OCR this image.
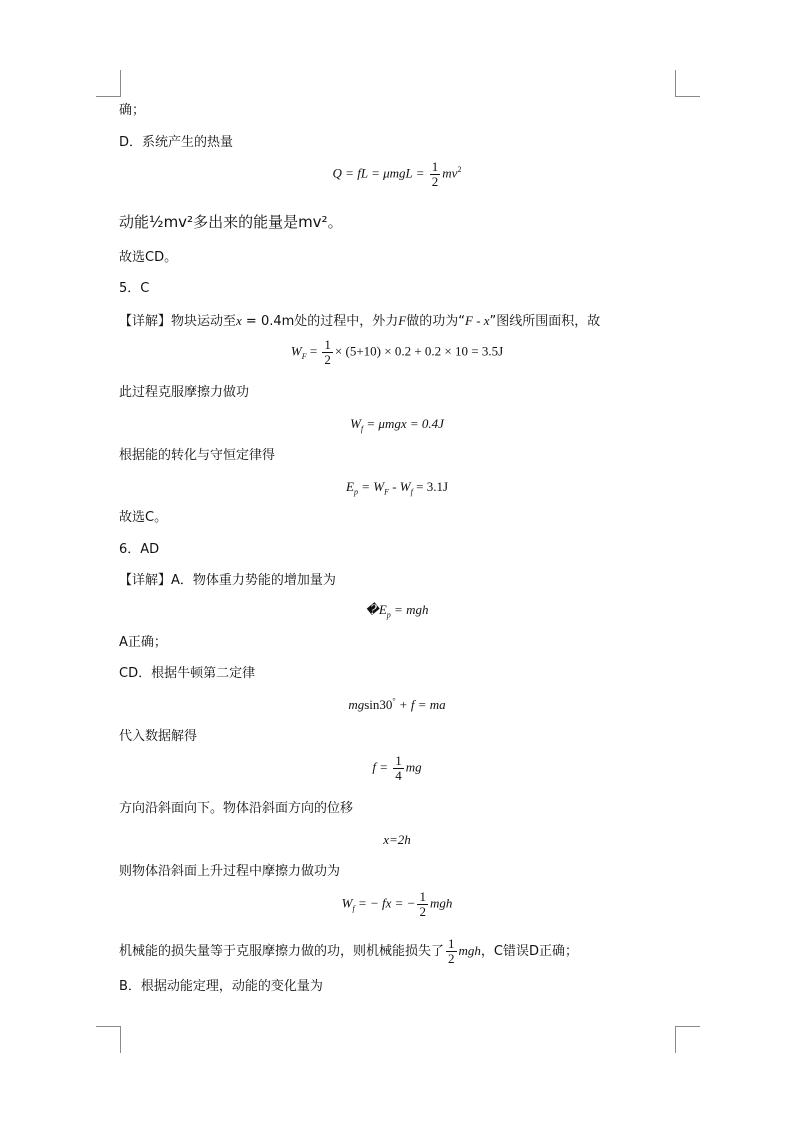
确；
D．系统产生的热量
Q = fL = $\mu mgL = \frac{1}{2} mv^2$
动能½mv²多出来的能量是mv²。
故选CD。
5．C
【详解】物块运动至x = 0.4m处的过程中，外力F做的功为“F - x”图线所围面积，故
$W_F = \frac{1}{2} \times (5+10) \times 0.2 + 0.2 \times 10 = 3.5J$
此过程克服摩擦力做功
$W_f = \mu mgx = 0.4J$
根据能的转化与守恒定律得
$E_p = W_F - W_f = 3.1J$
故选C。
6．AD
【详解】A．物体重力势能的增加量为
$�E_p$ = mgh
A正确；
CD．根据牛顿第二定律
mgsin30° + f = ma
代入数据解得
$f = \frac{1}{4}$ mg
方向沿斜面向下。物体沿斜面方向的位移
x=2h
则物体沿斜面上升过程中摩擦力做功为
$W_f$ = − fx = − $\frac{1}{2}$ mgh
机械能的损失量等于克服摩擦力做的功，则机械能损失了 $\frac{1}{2}$ mgh，C错误D正确；
B．根据动能定理，动能的变化量为
